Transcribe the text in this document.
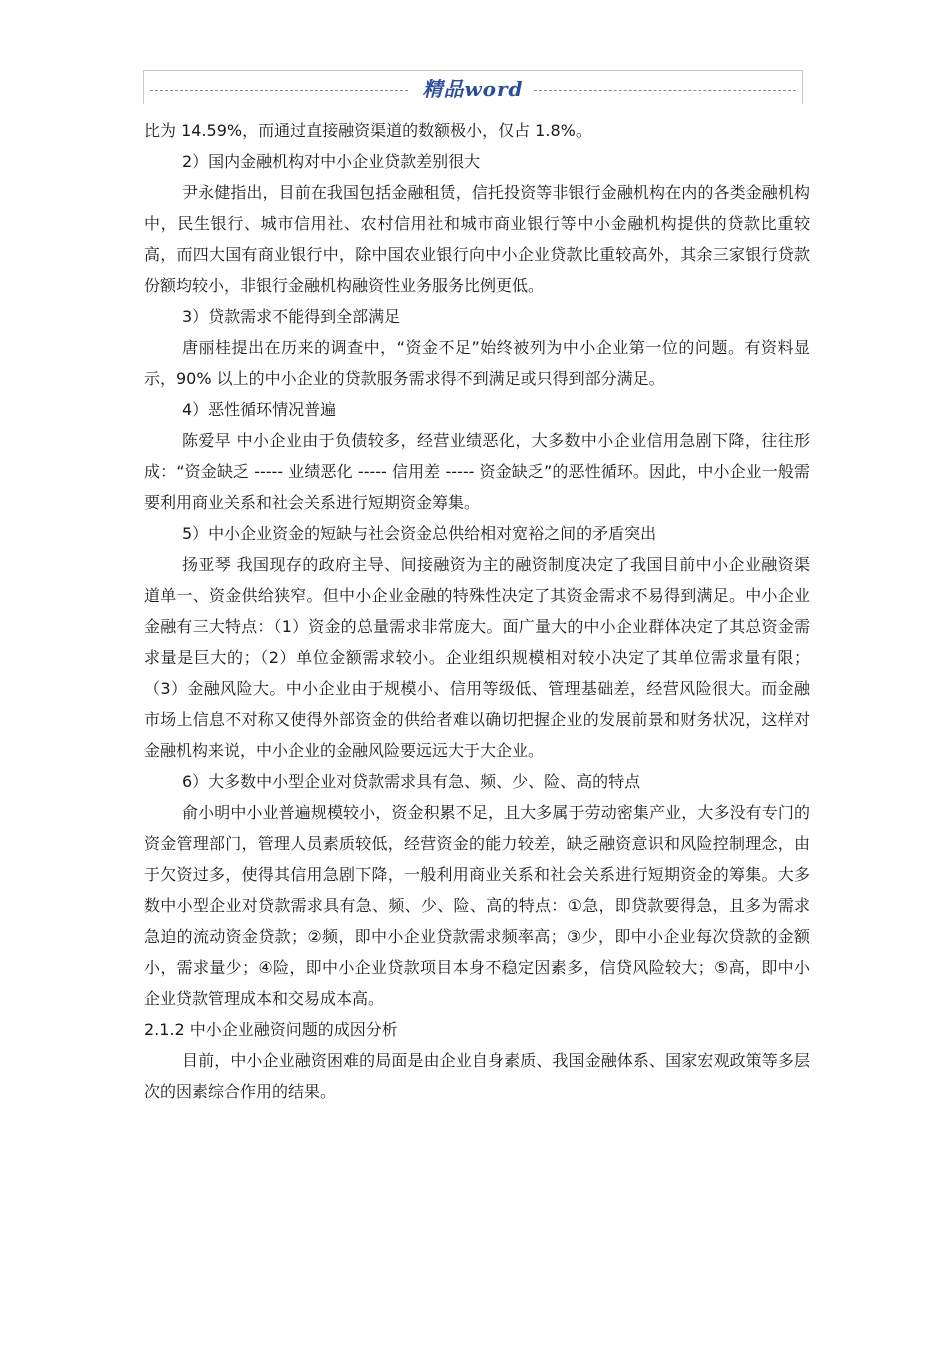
精品word

比为 14.59%，而通过直接融资渠道的数额极小，仅占 1.8%。

2）国内金融机构对中小企业贷款差别很大

尹永健指出，目前在我国包括金融租赁，信托投资等非银行金融机构在内的各类金融机构中，民生银行、城市信用社、农村信用社和城市商业银行等中小金融机构提供的贷款比重较高，而四大国有商业银行中，除中国农业银行向中小企业贷款比重较高外，其余三家银行贷款份额均较小，非银行金融机构融资性业务服务比例更低。

3）贷款需求不能得到全部满足

唐丽桂提出在历来的调查中，“资金不足”始终被列为中小企业第一位的问题。有资料显示，90% 以上的中小企业的贷款服务需求得不到满足或只得到部分满足。

4）恶性循环情况普遍

陈爱早 中小企业由于负债较多，经营业绩恶化，大多数中小企业信用急剧下降，往往形成：“资金缺乏 ----- 业绩恶化 ----- 信用差 ----- 资金缺乏”的恶性循环。因此，中小企业一般需要利用商业关系和社会关系进行短期资金筹集。

5）中小企业资金的短缺与社会资金总供给相对宽裕之间的矛盾突出

扬亚琴 我国现存的政府主导、间接融资为主的融资制度决定了我国目前中小企业融资渠道单一、资金供给狭窄。但中小企业金融的特殊性决定了其资金需求不易得到满足。中小企业金融有三大特点：（1）资金的总量需求非常庞大。面广量大的中小企业群体决定了其总资金需求量是巨大的；（2）单位金额需求较小。企业组织规模相对较小决定了其单位需求量有限；（3）金融风险大。中小企业由于规模小、信用等级低、管理基础差，经营风险很大。而金融市场上信息不对称又使得外部资金的供给者难以确切把握企业的发展前景和财务状况，这样对金融机构来说，中小企业的金融风险要远远大于大企业。

6）大多数中小型企业对贷款需求具有急、频、少、险、高的特点

俞小明中小业普遍规模较小，资金积累不足，且大多属于劳动密集产业，大多没有专门的资金管理部门，管理人员素质较低，经营资金的能力较差，缺乏融资意识和风险控制理念，由于欠资过多，使得其信用急剧下降，一般利用商业关系和社会关系进行短期资金的筹集。大多数中小型企业对贷款需求具有急、频、少、险、高的特点：①急，即贷款要得急，且多为需求急迫的流动资金贷款；②频，即中小企业贷款需求频率高；③少，即中小企业每次贷款的金额小，需求量少；④险，即中小企业贷款项目本身不稳定因素多，信贷风险较大；⑤高，即中小企业贷款管理成本和交易成本高。

2.1.2 中小企业融资问题的成因分析

目前，中小企业融资困难的局面是由企业自身素质、我国金融体系、国家宏观政策等多层次的因素综合作用的结果。
